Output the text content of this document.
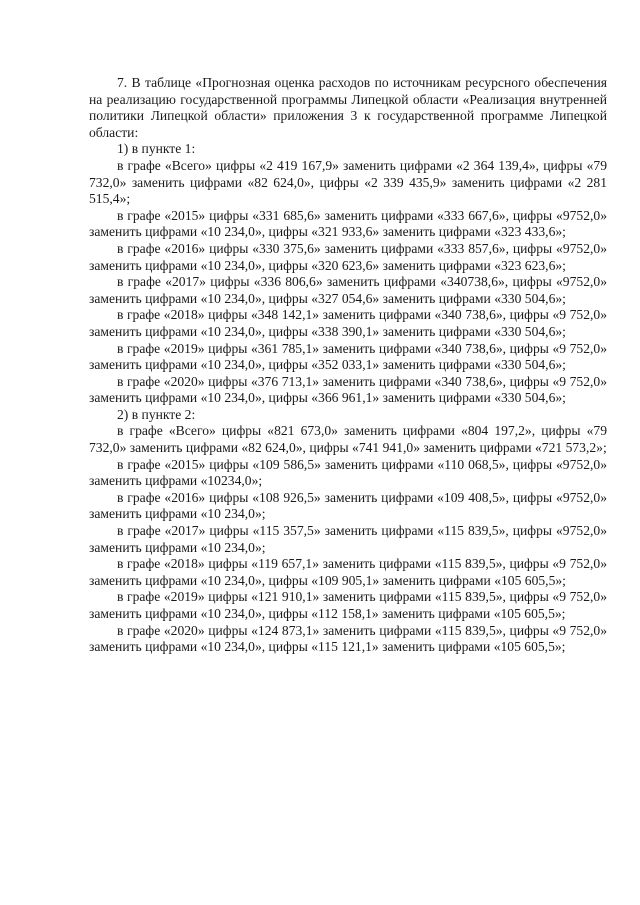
7. В таблице «Прогнозная оценка расходов по источникам ресурсного обеспечения на реализацию государственной программы Липецкой области «Реализация внутренней политики Липецкой области» приложения 3 к государственной программе Липецкой области:

1) в пункте 1:

в графе «Всего» цифры «2 419 167,9» заменить цифрами «2 364 139,4», цифры «79 732,0» заменить цифрами «82 624,0», цифры «2 339 435,9» заменить цифрами «2 281 515,4»;

в графе «2015» цифры «331 685,6» заменить цифрами «333 667,6», цифры «9752,0» заменить цифрами «10 234,0», цифры «321 933,6» заменить цифрами «323 433,6»;

в графе «2016» цифры «330 375,6» заменить цифрами «333 857,6», цифры «9752,0» заменить цифрами «10 234,0», цифры «320 623,6» заменить цифрами «323 623,6»;

в графе «2017» цифры «336 806,6» заменить цифрами «340738,6», цифры «9752,0» заменить цифрами «10 234,0», цифры «327 054,6» заменить цифрами «330 504,6»;

в графе «2018» цифры «348 142,1» заменить цифрами «340 738,6», цифры «9 752,0» заменить цифрами «10 234,0», цифры «338 390,1» заменить цифрами «330 504,6»;

в графе «2019» цифры «361 785,1» заменить цифрами «340 738,6», цифры «9 752,0» заменить цифрами «10 234,0», цифры «352 033,1» заменить цифрами «330 504,6»;

в графе «2020» цифры «376 713,1» заменить цифрами «340 738,6», цифры «9 752,0» заменить цифрами «10 234,0», цифры «366 961,1» заменить цифрами «330 504,6»;

2) в пункте 2:

в графе «Всего» цифры «821 673,0» заменить цифрами «804 197,2», цифры «79 732,0» заменить цифрами «82 624,0», цифры «741 941,0» заменить цифрами «721 573,2»;

в графе «2015» цифры «109 586,5» заменить цифрами «110 068,5», цифры «9752,0» заменить цифрами «10234,0»;

в графе «2016» цифры «108 926,5» заменить цифрами «109 408,5», цифры «9752,0» заменить цифрами «10 234,0»;

в графе «2017» цифры «115 357,5» заменить цифрами «115 839,5», цифры «9752,0» заменить цифрами «10 234,0»;

в графе «2018» цифры «119 657,1» заменить цифрами «115 839,5», цифры «9 752,0» заменить цифрами «10 234,0», цифры «109 905,1» заменить цифрами «105 605,5»;

в графе «2019» цифры «121 910,1» заменить цифрами «115 839,5», цифры «9 752,0» заменить цифрами «10 234,0», цифры «112 158,1» заменить цифрами «105 605,5»;

в графе «2020» цифры «124 873,1» заменить цифрами «115 839,5», цифры «9 752,0» заменить цифрами «10 234,0», цифры «115 121,1» заменить цифрами «105 605,5»;
